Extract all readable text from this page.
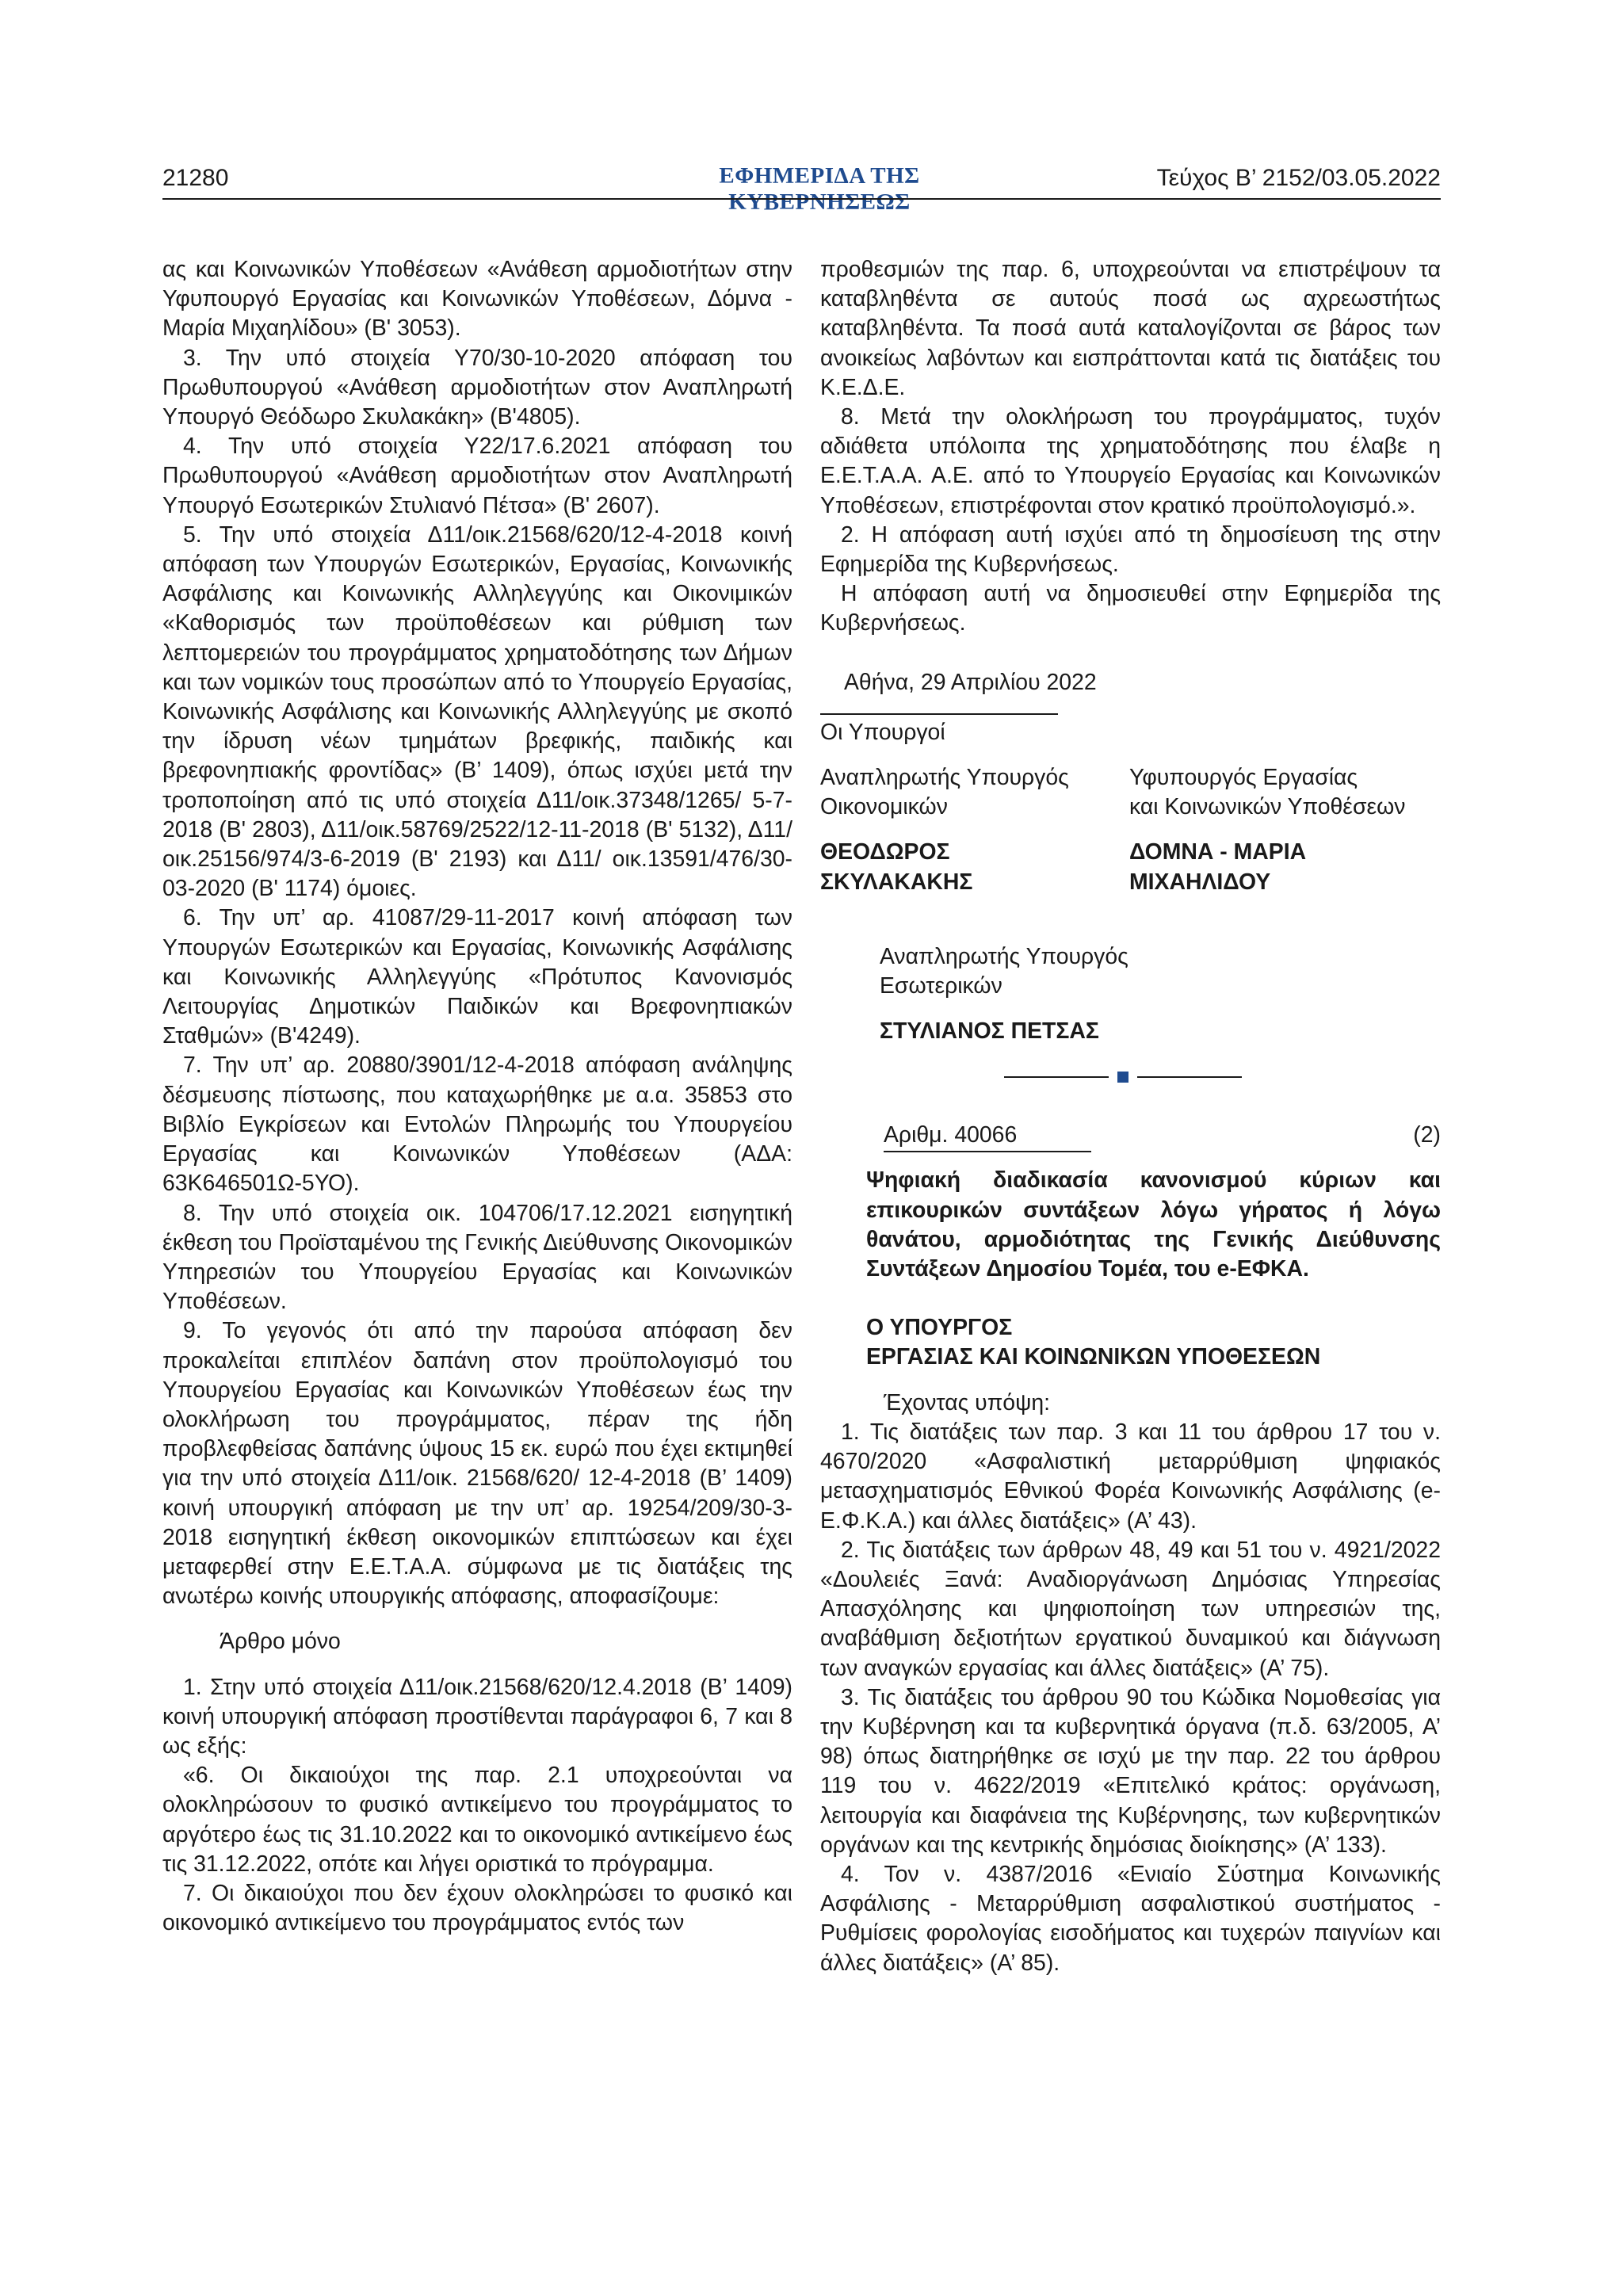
21280	ΕΦΗΜΕΡΙΔΑ ΤΗΣ ΚΥΒΕΡΝΗΣΕΩΣ
Τεύχος B’ 2152/03.05.2022

ας και Κοινωνικών Υποθέσεων «Ανάθεση αρμοδιοτήτων στην Υφυπουργό Εργασίας και Κοινωνικών Υποθέσεων, Δόμνα - Μαρία Μιχαηλίδου» (Β' 3053).

3. Την υπό στοιχεία Υ70/30-10-2020 απόφαση του Πρωθυπουργού «Ανάθεση αρμοδιοτήτων στον Αναπληρωτή Υπουργό Θεόδωρο Σκυλακάκη» (Β'4805).

4. Την υπό στοιχεία Υ22/17.6.2021 απόφαση του Πρωθυπουργού «Ανάθεση αρμοδιοτήτων στον Αναπληρωτή Υπουργό Εσωτερικών Στυλιανό Πέτσα» (Β' 2607).

5. Την υπό στοιχεία Δ11/οικ.21568/620/12-4-2018 κοινή απόφαση των Υπουργών Εσωτερικών, Εργασίας, Κοινωνικής Ασφάλισης και Κοινωνικής Αλληλεγγύης και Οικονιμικών «Καθορισμός των προϋποθέσεων και ρύθμιση των λεπτομερειών του προγράμματος χρηματοδότησης των Δήμων και των νομικών τους προσώπων από το Υπουργείο Εργασίας, Κοινωνικής Ασφάλισης και Κοινωνικής Αλληλεγγύης με σκοπό την ίδρυση νέων τμημάτων βρεφικής, παιδικής και βρεφονηπιακής φροντίδας» (Β’ 1409), όπως ισχύει μετά την τροποποίηση από τις υπό στοιχεία Δ11/οικ.37348/1265/ 5-7-2018 (Β' 2803), Δ11/οικ.58769/2522/12-11-2018 (Β' 5132), Δ11/οικ.25156/974/3-6-2019 (Β' 2193) και Δ11/ οικ.13591/476/30-03-2020 (Β' 1174) όμοιες.

6. Την υπ’ αρ. 41087/29-11-2017 κοινή απόφαση των Υπουργών Εσωτερικών και Εργασίας, Κοινωνικής Ασφάλισης και Κοινωνικής Αλληλεγγύης «Πρότυπος Κανονισμός Λειτουργίας Δημοτικών Παιδικών και Βρεφονηπιακών Σταθμών» (Β'4249).

7. Την υπ’ αρ. 20880/3901/12-4-2018 απόφαση ανάληψης δέσμευσης πίστωσης, που καταχωρήθηκε με α.α. 35853 στο Βιβλίο Εγκρίσεων και Εντολών Πληρωμής του Υπουργείου Εργασίας και Κοινωνικών Υποθέσεων (ΑΔΑ: 63Κ646501Ω-5ΥΟ).

8. Την υπό στοιχεία οικ. 104706/17.12.2021 εισηγητική έκθεση του Προϊσταμένου της Γενικής Διεύθυνσης Οικονομικών Υπηρεσιών του Υπουργείου Εργασίας και Κοινωνικών Υποθέσεων.

9. Το γεγονός ότι από την παρούσα απόφαση δεν προκαλείται επιπλέον δαπάνη στον προϋπολογισμό του Υπουργείου Εργασίας και Κοινωνικών Υποθέσεων έως την ολοκλήρωση του προγράμματος, πέραν της ήδη προβλεφθείσας δαπάνης ύψους 15 εκ. ευρώ που έχει εκτιμηθεί για την υπό στοιχεία Δ11/οικ. 21568/620/ 12-4-2018 (Β’ 1409) κοινή υπουργική απόφαση με την υπ’ αρ. 19254/209/30-3-2018 εισηγητική έκθεση οικονομικών επιπτώσεων και έχει μεταφερθεί στην Ε.Ε.Τ.Α.Α. σύμφωνα με τις διατάξεις της ανωτέρω κοινής υπουργικής απόφασης, αποφασίζουμε:

Άρθρο μόνο

1. Στην υπό στοιχεία Δ11/οικ.21568/620/12.4.2018 (Β’ 1409) κοινή υπουργική απόφαση προστίθενται παράγραφοι 6, 7 και 8 ως εξής:

«6. Οι δικαιούχοι της παρ. 2.1 υποχρεούνται να ολοκληρώσουν το φυσικό αντικείμενο του προγράμματος το αργότερο έως τις 31.10.2022 και το οικονομικό αντικείμενο έως τις 31.12.2022, οπότε και λήγει οριστικά το πρόγραμμα.

7. Οι δικαιούχοι που δεν έχουν ολοκληρώσει το φυσικό και οικονομικό αντικείμενο του προγράμματος εντός των

προθεσμιών της παρ. 6, υποχρεούνται να επιστρέψουν τα καταβληθέντα σε αυτούς ποσά ως αχρεωστήτως καταβληθέντα. Τα ποσά αυτά καταλογίζονται σε βάρος των ανοικείως λαβόντων και εισπράττονται κατά τις διατάξεις του Κ.Ε.Δ.Ε.

8. Μετά την ολοκλήρωση του προγράμματος, τυχόν αδιάθετα υπόλοιπα της χρηματοδότησης που έλαβε η Ε.Ε.Τ.Α.Α. Α.Ε. από το Υπουργείο Εργασίας και Κοινωνικών Υποθέσεων, επιστρέφονται στον κρατικό προϋπολογισμό.».

2. Η απόφαση αυτή ισχύει από τη δημοσίευση της στην Εφημερίδα της Κυβερνήσεως.

Η απόφαση αυτή να δημοσιευθεί στην Εφημερίδα της Κυβερνήσεως.

Αθήνα, 29 Απριλίου 2022

Οι Υπουργοί

Αναπληρωτής Υπουργός

Οικονομικών

ΘΕΟΔΩΡΟΣ

ΣΚΥΛΑΚΑΚΗΣ

Υφυπουργός Εργασίας

και Κοινωνικών Υποθέσεων

ΔΟΜΝΑ - ΜΑΡΙΑ

ΜΙΧΑΗΛΙΔΟΥ

Αναπληρωτής Υπουργός

Εσωτερικών

ΣΤΥΛΙΑΝΟΣ ΠΕΤΣΑΣ

Αριθμ. 40066	(2)

Ψηφιακή διαδικασία κανονισμού κύριων και επικουρικών συντάξεων λόγω γήρατος ή λόγω θανάτου, αρμοδιότητας της Γενικής Διεύθυνσης Συντάξεων Δημοσίου Τομέα, του e-ΕΦΚΑ.

Ο ΥΠΟΥΡΓΟΣ

ΕΡΓΑΣΙΑΣ ΚΑΙ ΚΟΙΝΩΝΙΚΩΝ ΥΠΟΘΕΣΕΩΝ

Έχοντας υπόψη:

1. Τις διατάξεις των παρ. 3 και 11 του άρθρου 17 του ν. 4670/2020 «Ασφαλιστική μεταρρύθμιση ψηφιακός μετασχηματισμός Εθνικού Φορέα Κοινωνικής Ασφάλισης (e-Ε.Φ.Κ.Α.) και άλλες διατάξεις» (Α’ 43).

2. Τις διατάξεις των άρθρων 48, 49 και 51 του ν. 4921/2022 «Δουλειές Ξανά: Αναδιοργάνωση Δημόσιας Υπηρεσίας Απασχόλησης και ψηφιοποίηση των υπηρεσιών της, αναβάθμιση δεξιοτήτων εργατικού δυναμικού και διάγνωση των αναγκών εργασίας και άλλες διατάξεις» (Α’ 75).

3. Τις διατάξεις του άρθρου 90 του Κώδικα Νομοθεσίας για την Κυβέρνηση και τα κυβερνητικά όργανα (π.δ. 63/2005, Α’ 98) όπως διατηρήθηκε σε ισχύ με την παρ. 22 του άρθρου 119 του ν. 4622/2019 «Επιτελικό κράτος: οργάνωση, λειτουργία και διαφάνεια της Κυβέρνησης, των κυβερνητικών οργάνων και της κεντρικής δημόσιας διοίκησης» (Α’ 133).

4. Τον ν. 4387/2016 «Ενιαίο Σύστημα Κοινωνικής Ασφάλισης - Μεταρρύθμιση ασφαλιστικού συστήματος - Ρυθμίσεις φορολογίας εισοδήματος και τυχερών παιγνίων και άλλες διατάξεις» (Α’ 85).
